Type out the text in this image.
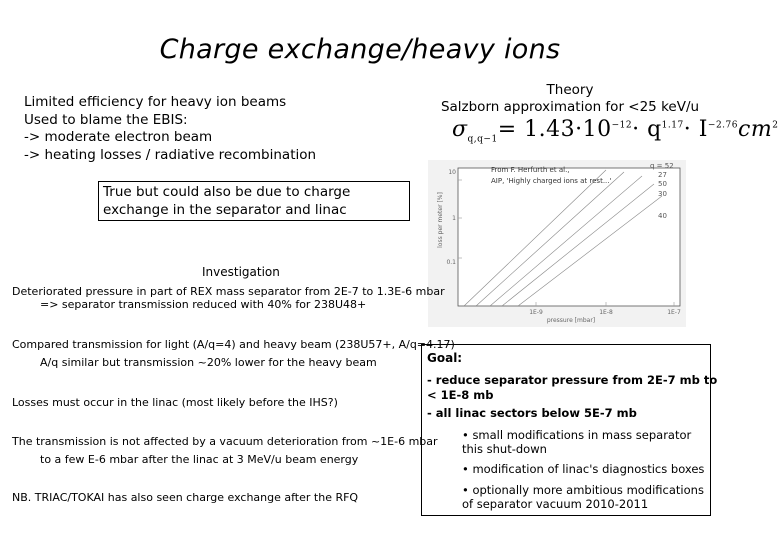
Charge exchange/heavy ions
Limited efficiency for heavy ion beams
Used to blame the EBIS:
-> moderate electron beam
-> heating losses / radiative recombination
True but could also be due to charge exchange in the separator and linac
Theory
Salzborn approximation for <25 keV/u
$\sigma_{q,q-1}= 1.43\cdot 10^{-12}\cdot q^{1.17}\cdot I^{-2.76}cm^2$
loss per meter [%]
pressure [mbar]
10
1
0.1
1E-9	1E-8	1E-7
From F. Herfurth et al.,
AIP, 'Highly charged ions at rest...'
q = 52
27
50
30
40
Investigation
Deteriorated pressure in part of REX mass separator from 2E-7 to 1.3E-6 mbar
=> separator transmission reduced with 40% for 238U48+
Compared transmission for light (A/q=4) and heavy beam (238U57+, A/q=4.17)
A/q similar but transmission ~20% lower for the heavy beam
Losses must occur in the linac (most likely before the IHS?)
The transmission is not affected by a vacuum deterioration from ~1E-6 mbar
to a few E-6 mbar after the linac at 3 MeV/u beam energy
NB. TRIAC/TOKAI has also seen charge exchange after the RFQ
Goal:
- reduce separator pressure from 2E-7 mb to
< 1E-8 mb
- all linac sectors below 5E-7 mb
• small modifications in mass separator
this shut-down
• modification of linac's diagnostics boxes
• optionally more ambitious modifications
of separator vacuum 2010-2011
